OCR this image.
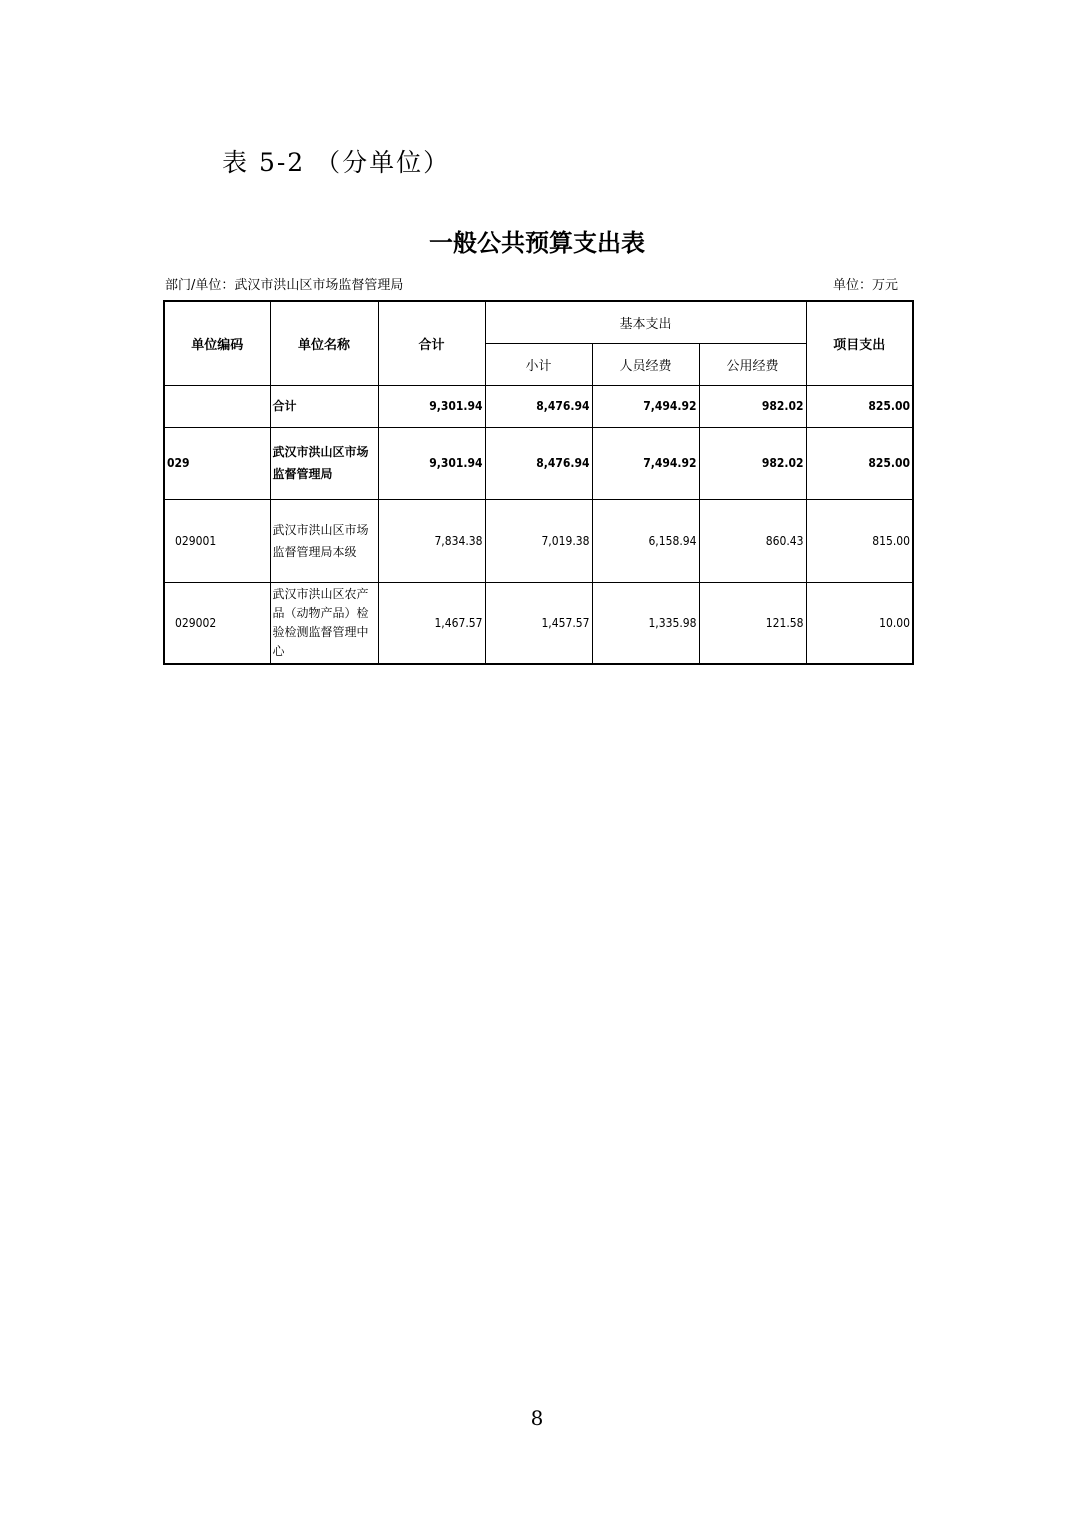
表 5-2 （分单位）
一般公共预算支出表
部门/单位：武汉市洪山区市场监督管理局	单位：万元
单位编码	单位名称	合计	基本支出			项目支出
			小计	人员经费	公用经费	
	合计	9,301.94	8,476.94	7,494.92	982.02	825.00
029	武汉市洪山区市场监督管理局	9,301.94	8,476.94	7,494.92	982.02	825.00
029001	武汉市洪山区市场监督管理局本级	7,834.38	7,019.38	6,158.94	860.43	815.00
029002	武汉市洪山区农产品（动物产品）检验检测监督管理中心	1,467.57	1,457.57	1,335.98	121.58	10.00
8
